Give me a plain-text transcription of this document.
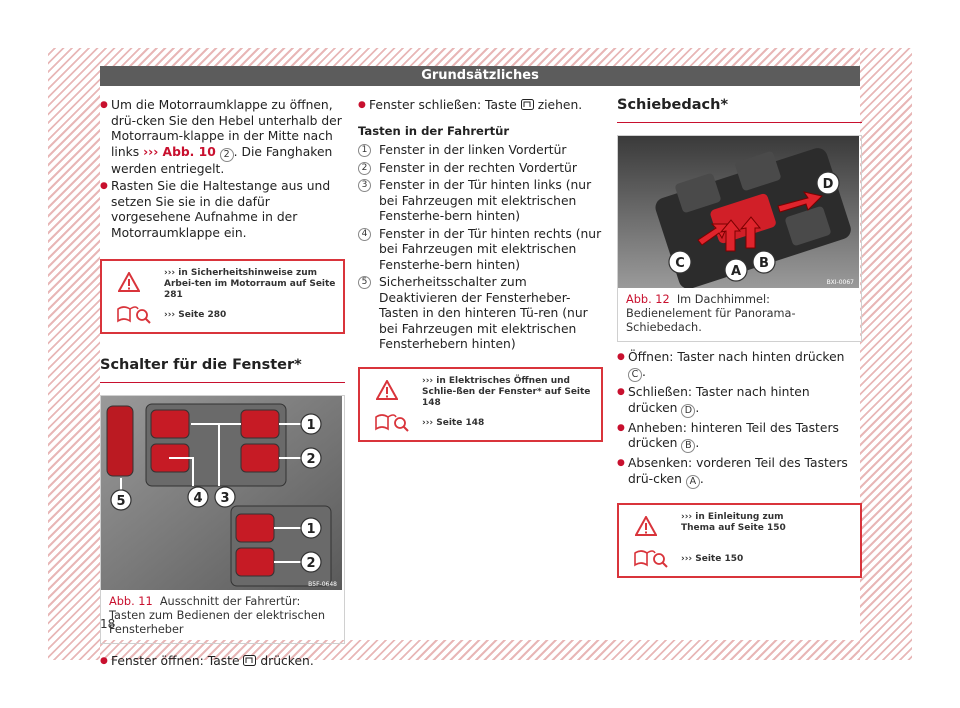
Grundsätzliches
● Um die Motorraumklappe zu öffnen, drü-cken Sie den Hebel unterhalb der Motorraum-klappe in der Mitte nach links ››› Abb. 10 2 . Die Fanghaken werden entriegelt.
● Rasten Sie die Haltestange aus und setzen Sie sie in die dafür vorgesehene Aufnahme in der Motorraumklappe ein.
››› in Sicherheitshinweise zum Arbei-ten im Motorraum auf Seite 281
››› Seite 280
Schalter für die Fenster*
1
2
5	4 3
1
2
B5F-0648
Abb. 11 Ausschnitt der Fahrertür: Tasten zum Bedienen der elektrischen Fensterheber
● Fenster öffnen: Taste drücken.
● Fenster schließen: Taste ziehen.
Tasten in der Fahrertür
1 Fenster in der linken Vordertür
2 Fenster in der rechten Vordertür
3 Fenster in der Tür hinten links (nur bei Fahrzeugen mit elektrischen Fensterhe-bern hinten)
4 Fenster in der Tür hinten rechts (nur bei Fahrzeugen mit elektrischen Fensterhe-bern hinten)
5 Sicherheitsschalter zum Deaktivieren der Fensterheber-Tasten in den hinteren Tü-ren (nur bei Fahrzeugen mit elektrischen Fensterhebern hinten)
››› in Elektrisches Öffnen und Schlie-ßen der Fenster* auf Seite 148
››› Seite 148
Schiebedach*
D
C
A
B
BXI-0067
Abb. 12 Im Dachhimmel: Bedienelement für Panorama-Schiebedach.
● Öffnen: Taster nach hinten drücken C .
● Schließen: Taster nach hinten drücken D .
● Anheben: hinteren Teil des Tasters drücken B .
● Absenken: vorderen Teil des Tasters drü-cken A .
››› in Einleitung zum Thema auf Seite 150
››› Seite 150
18
